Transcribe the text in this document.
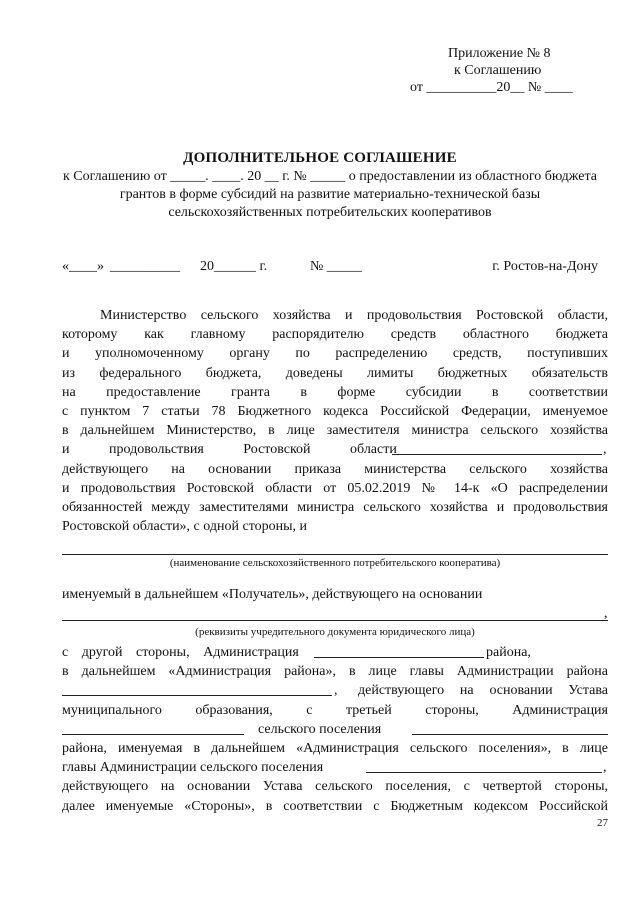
Приложение № 8
к Соглашению
от __________20__ № ____
ДОПОЛНИТЕЛЬНОЕ СОГЛАШЕНИЕ
к Соглашению от _____. ____. 20 __ г. № _____ о предоставлении из областного бюджета грантов в форме субсидий на развитие материально-технической базы сельскохозяйственных потребительских кооперативов
«____» __________ 20______ г.	№ _____	г. Ростов-на-Дону
Министерство сельского хозяйства и продовольствия Ростовской области,
которому как главному распорядителю средств областного бюджета
и уполномоченному органу по распределению средств, поступивших
из федерального бюджета, доведены лимиты бюджетных обязательств
на предоставление гранта в форме субсидии в соответствии
с пунктом 7 статьи 78 Бюджетного кодекса Российской Федерации, именуемое
в дальнейшем Министерство, в лице заместителя министра сельского хозяйства
и продовольствия Ростовской области	,
действующего на основании приказа министерства сельского хозяйства
и продовольствия Ростовской области от 05.02.2019 № 14-к «О распределении
обязанностей между заместителями министра сельского хозяйства и продовольствия
Ростовской области», с одной стороны, и
(наименование сельскохозяйственного потребительского кооператива)
именуемый в дальнейшем «Получатель», действующего на основании
,
(реквизиты учредительного документа юридического лица)
с другой стороны, Администрация	района,
в дальнейшем «Администрация района», в лице главы Администрации района
, действующего на основании Устава
муниципального образования, с третьей стороны, Администрация
сельского поселения
района, именуемая в дальнейшем «Администрация сельского поселения», в лице
главы Администрации сельского поселения	,
действующего на основании Устава сельского поселения, с четвертой стороны,
далее именуемые «Стороны», в соответствии с Бюджетным кодексом Российской
27
